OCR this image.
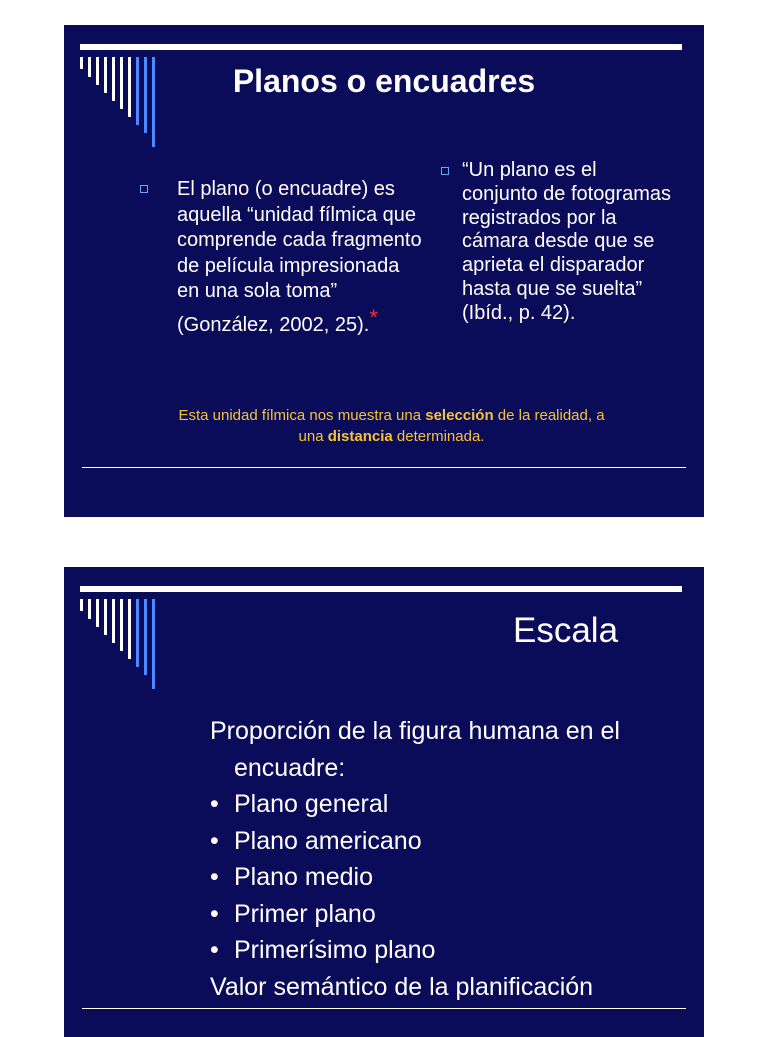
Planos o encuadres
El plano (o encuadre) es aquella “unidad fílmica que comprende cada fragmento de película impresionada en una sola toma” (González, 2002, 25).*
“Un plano es el conjunto de fotogramas registrados por la cámara desde que se aprieta el disparador hasta que se suelta” (Ibíd., p. 42).
Esta unidad fílmica nos muestra una selección de la realidad, a una distancia determinada.
Escala
Proporción de la figura humana en el
encuadre:
• Plano general
• Plano americano
• Plano medio
• Primer plano
• Primerísimo plano
Valor semántico de la planificación
